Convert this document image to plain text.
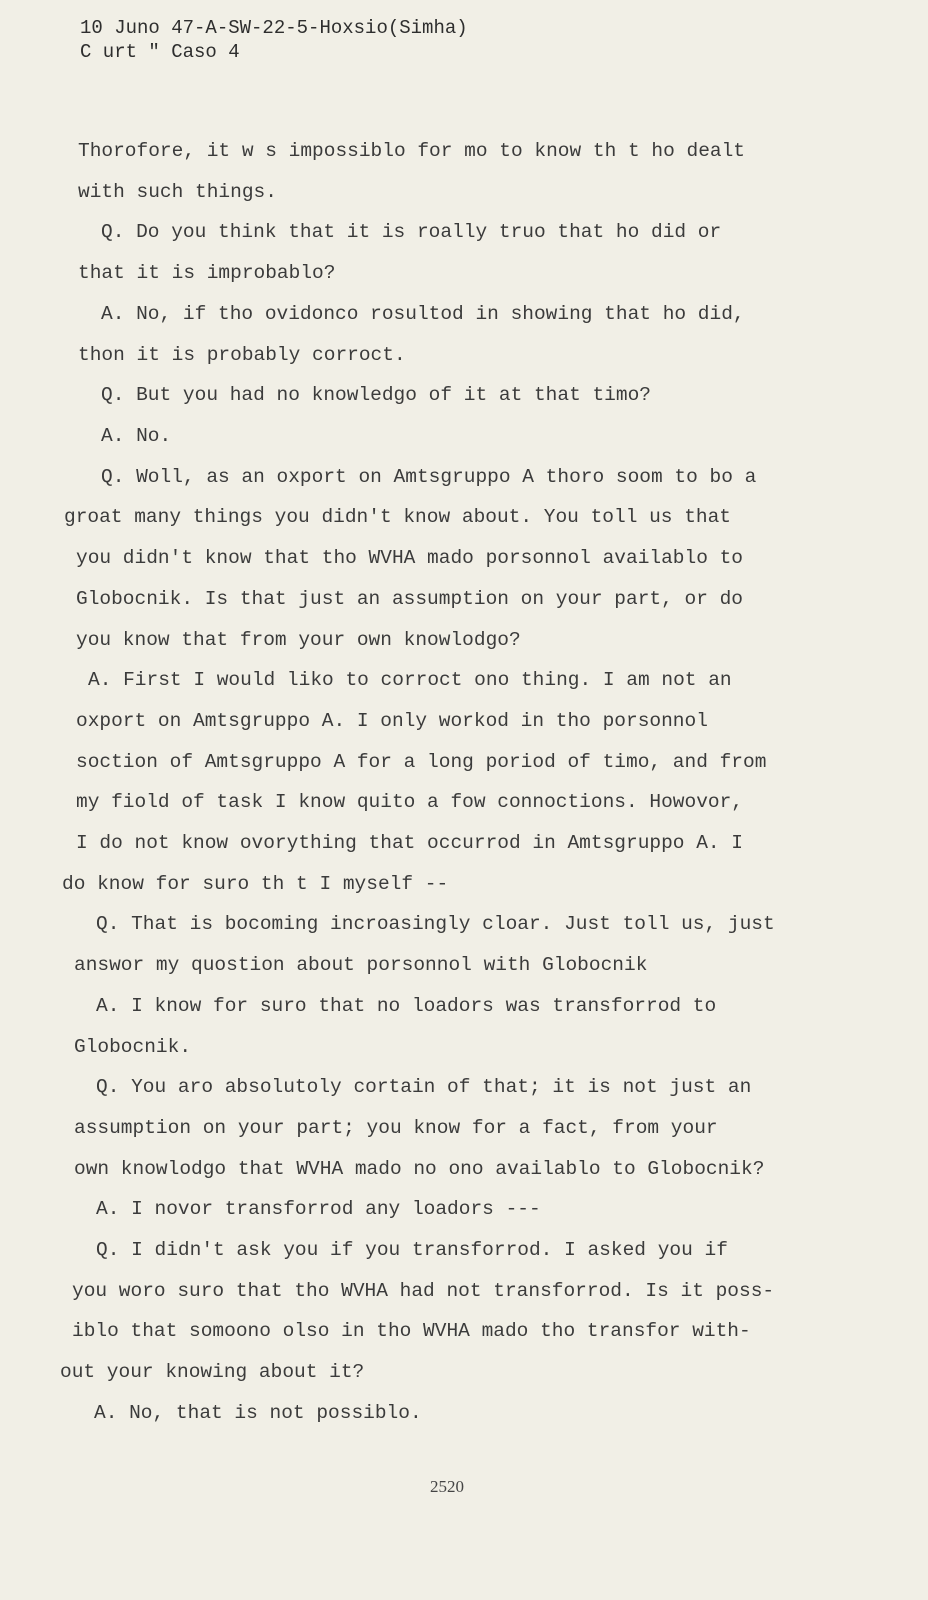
10 Juno 47-A-SW-22-5-Hoxsio(Simha)
C urt " Caso 4
Thorofore, it w s impossiblo for mo to know th t ho dealt
with such things.
Q. Do you think that it is roally truo that ho did or
that it is improbablo?
A. No, if tho ovidonco rosultod in showing that ho did,
thon it is probably corroct.
Q. But you had no knowledgo of it at that timo?
A. No.
Q. Woll, as an oxport on Amtsgruppo A thoro soom to bo a
groat many things you didn't know about. You toll us that
you didn't know that tho WVHA mado porsonnol availablo to
Globocnik. Is that just an assumption on your part, or do
you know that from your own knowlodgo?
A. First I would liko to corroct ono thing. I am not an
oxport on Amtsgruppo A. I only workod in tho porsonnol
soction of Amtsgruppo A for a long poriod of timo, and from
my fiold of task I know quito a fow connoctions. Howovor,
I do not know ovorything that occurrod in Amtsgruppo A. I
do know for suro th t I myself --
Q. That is bocoming incroasingly cloar. Just toll us, just
answor my quostion about porsonnol with Globocnik
A. I know for suro that no loadors was transforrod to
Globocnik.
Q. You aro absolutoly cortain of that; it is not just an
assumption on your part; you know for a fact, from your
own knowlodgo that WVHA mado no ono availablo to Globocnik?
A. I novor transforrod any loadors ---
Q. I didn't ask you if you transforrod. I asked you if
you woro suro that tho WVHA had not transforrod. Is it poss-
iblo that somoono olso in tho WVHA mado tho transfor with-
out your knowing about it?
A. No, that is not possiblo.
2520
